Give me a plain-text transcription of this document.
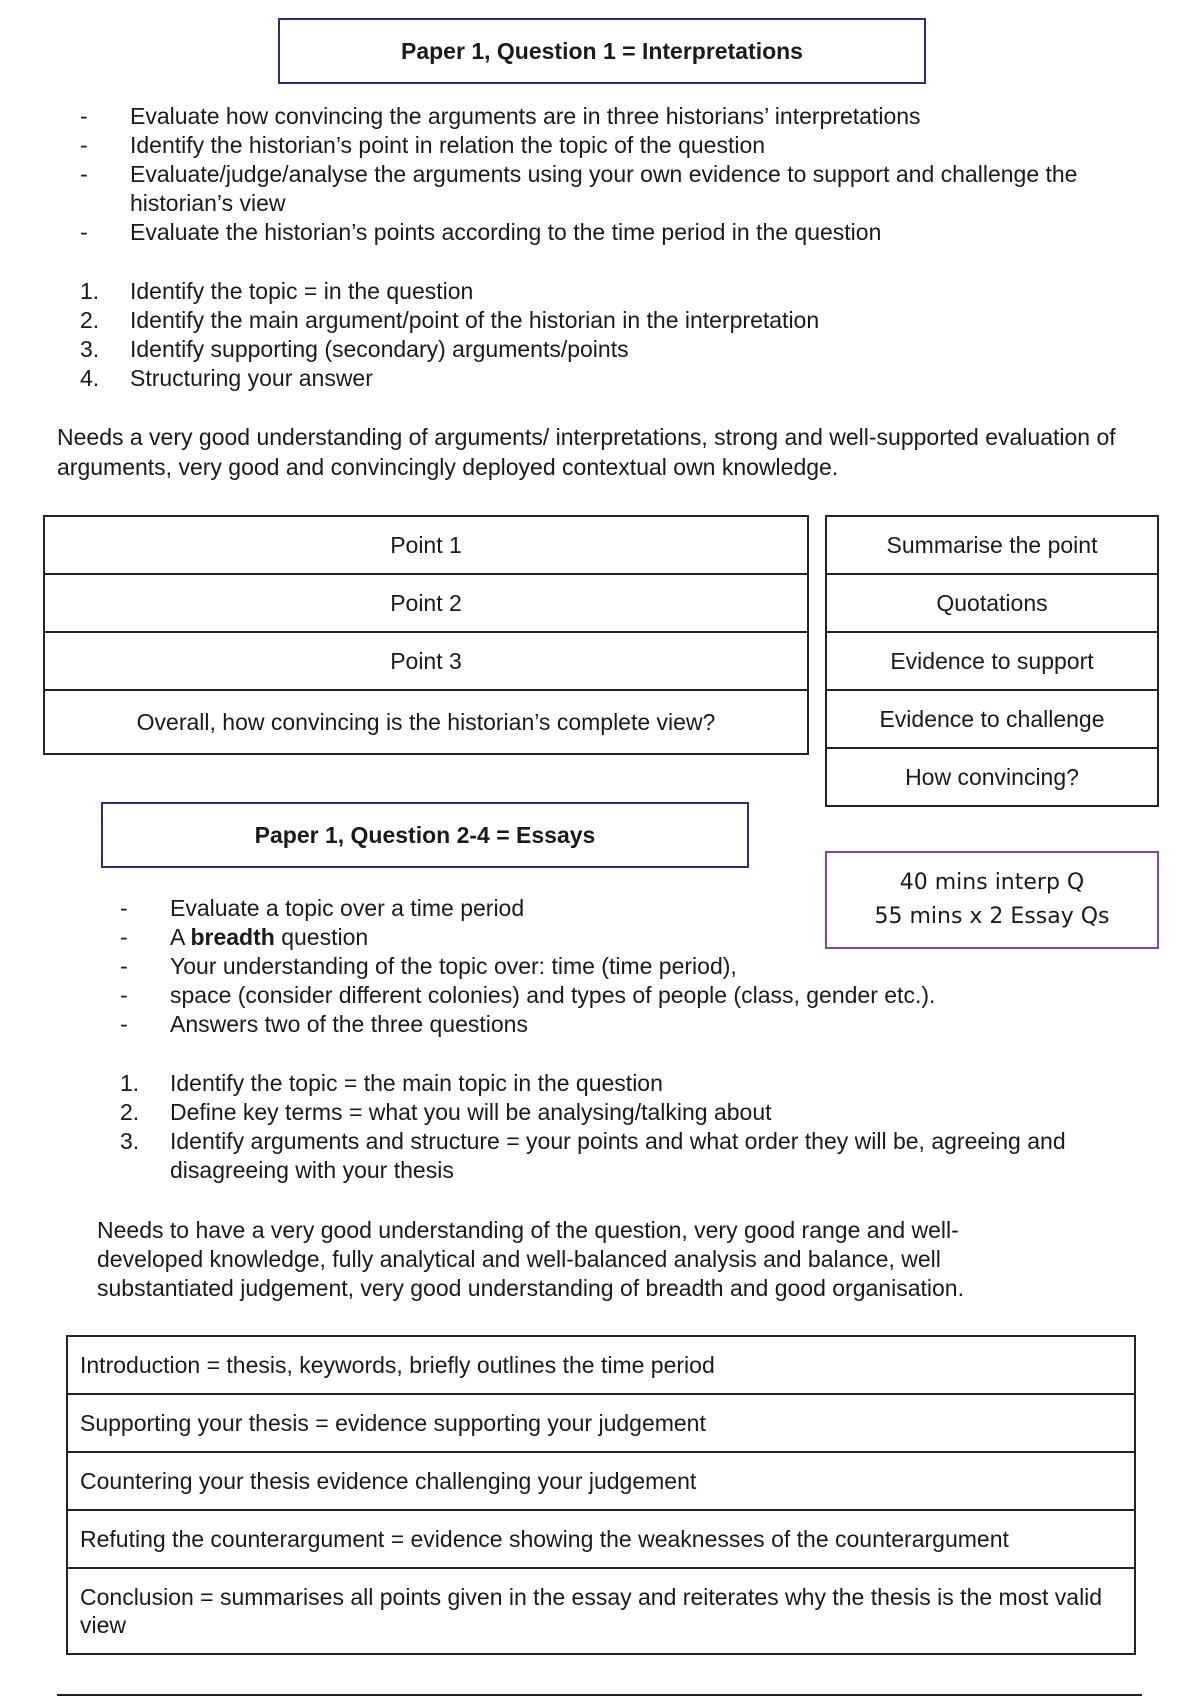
Paper 1, Question 1 = Interpretations
- Evaluate how convincing the arguments are in three historians’ interpretations
- Identify the historian’s point in relation the topic of the question
- Evaluate/judge/analyse the arguments using your own evidence to support and challenge the historian’s view
- Evaluate the historian’s points according to the time period in the question
1. Identify the topic = in the question
2. Identify the main argument/point of the historian in the interpretation
3. Identify supporting (secondary) arguments/points
4. Structuring your answer
Needs a very good understanding of arguments/ interpretations, strong and well-supported evaluation of arguments, very good and convincingly deployed contextual own knowledge.
Point 1
Point 2
Point 3
Overall, how convincing is the historian’s complete view?
Summarise the point
Quotations
Evidence to support
Evidence to challenge
How convincing?
Paper 1, Question 2-4 = Essays
40 mins interp Q
55 mins x 2 Essay Qs
- Evaluate a topic over a time period
- A breadth question
- Your understanding of the topic over: time (time period),
- space (consider different colonies) and types of people (class, gender etc.).
- Answers two of the three questions
1. Identify the topic = the main topic in the question
2. Define key terms = what you will be analysing/talking about
3. Identify arguments and structure = your points and what order they will be, agreeing and disagreeing with your thesis
Needs to have a very good understanding of the question, very good range and well-developed knowledge, fully analytical and well-balanced analysis and balance, well substantiated judgement, very good understanding of breadth and good organisation.
Introduction = thesis, keywords, briefly outlines the time period
Supporting your thesis = evidence supporting your judgement
Countering your thesis evidence challenging your judgement
Refuting the counterargument = evidence showing the weaknesses of the counterargument
Conclusion = summarises all points given in the essay and reiterates why the thesis is the most valid view
